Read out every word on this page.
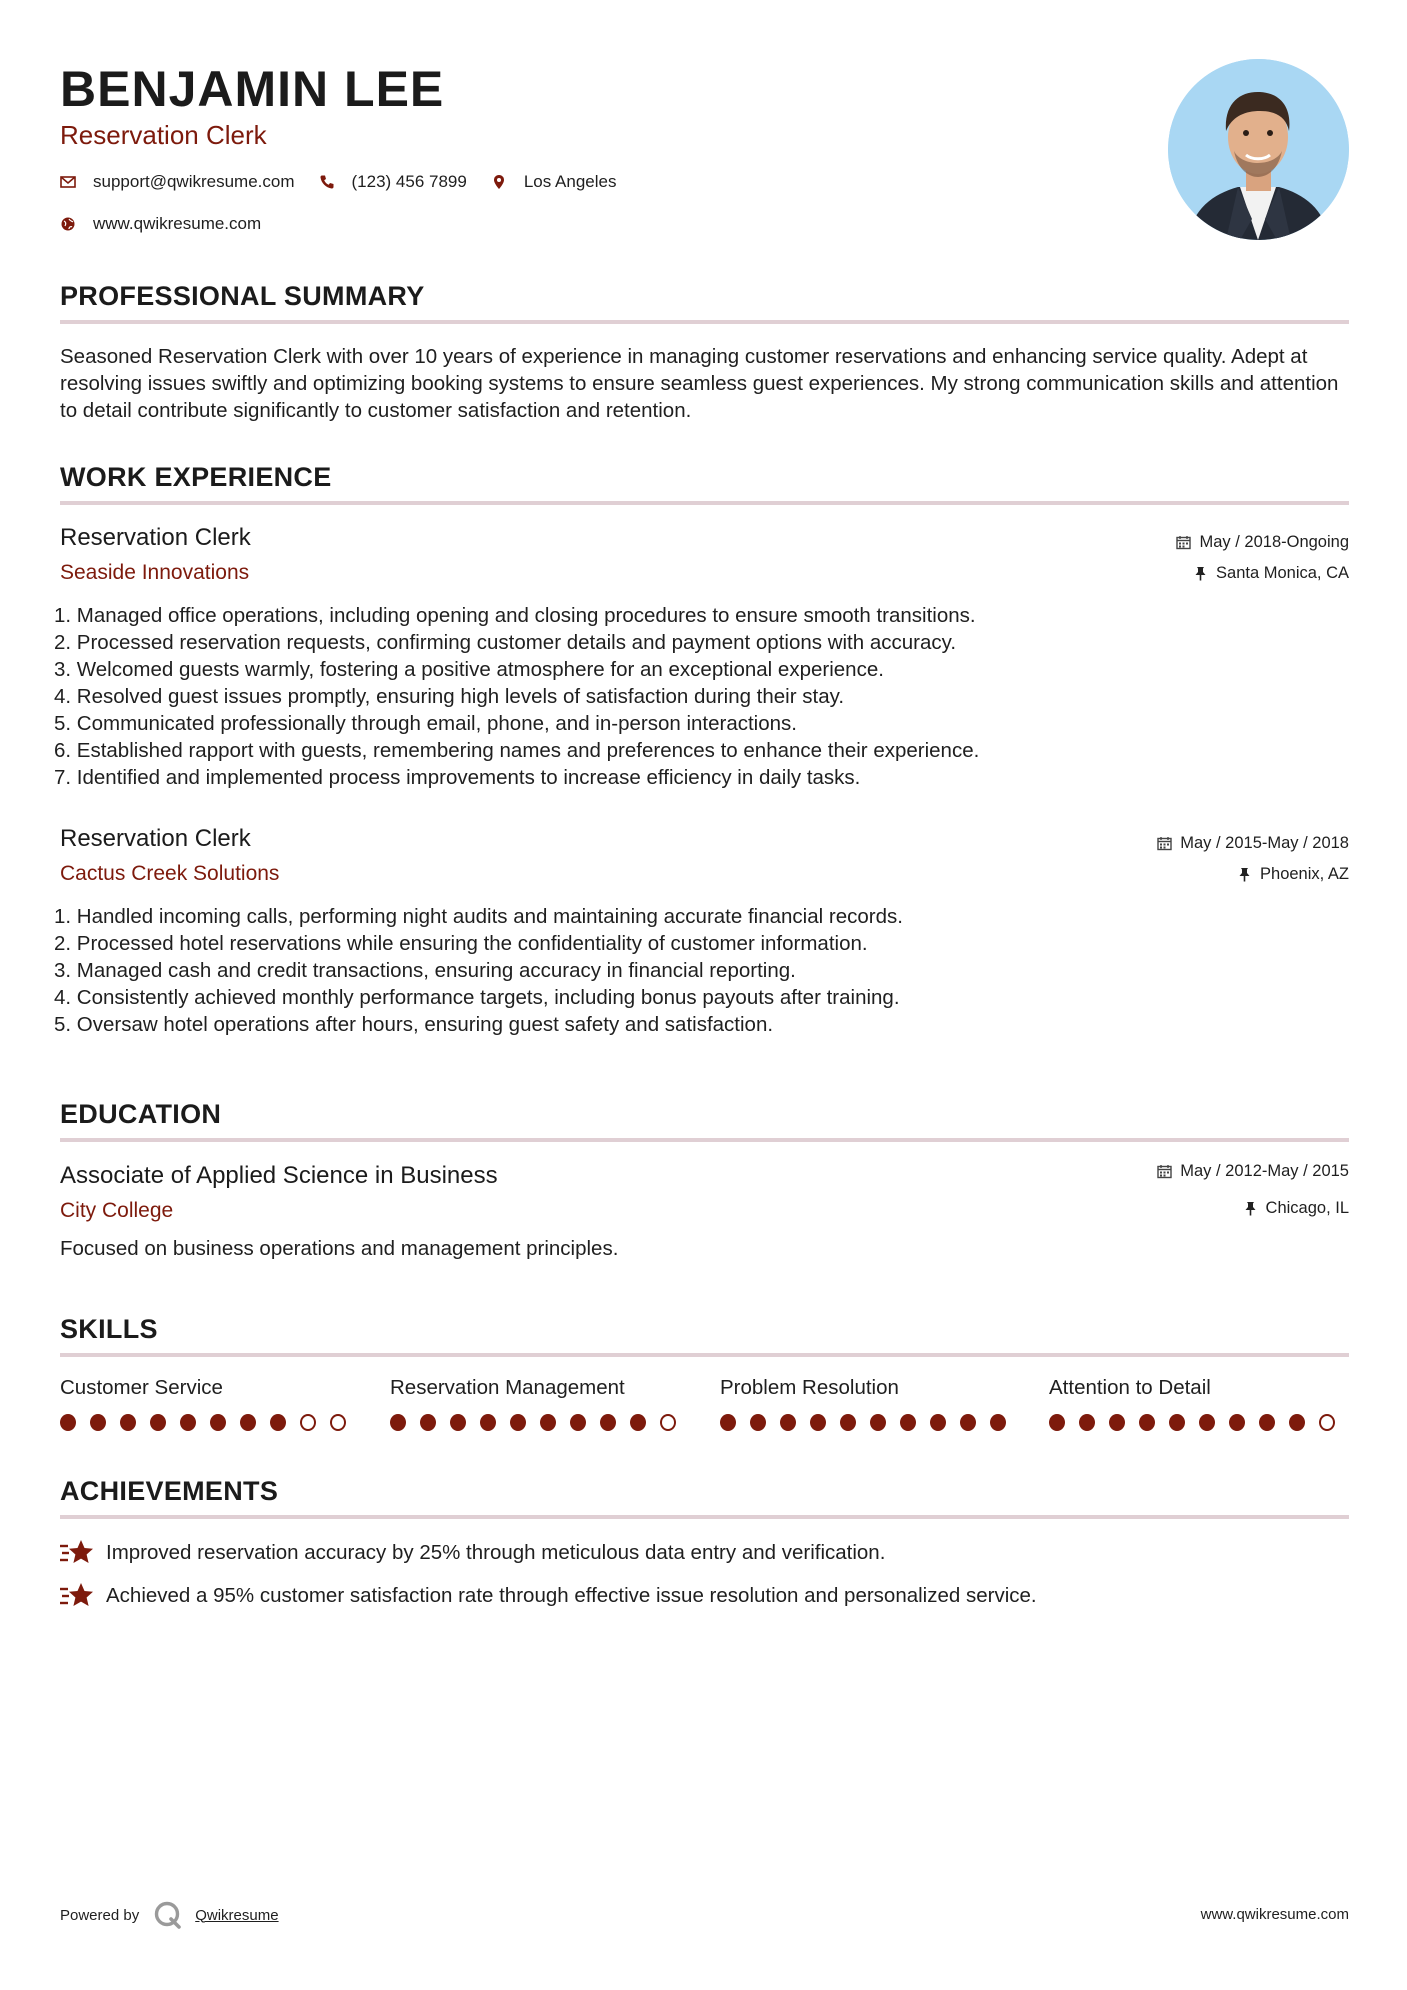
BENJAMIN LEE
Reservation Clerk
support@qwikresume.com	(123) 456 7899	Los Angeles
www.qwikresume.com
PROFESSIONAL SUMMARY
Seasoned Reservation Clerk with over 10 years of experience in managing customer reservations and enhancing service quality. Adept at resolving issues swiftly and optimizing booking systems to ensure seamless guest experiences. My strong communication skills and attention to detail contribute significantly to customer satisfaction and retention.
WORK EXPERIENCE
Reservation Clerk
Seaside Innovations
May / 2018-Ongoing
Santa Monica, CA
1. Managed office operations, including opening and closing procedures to ensure smooth transitions.
2. Processed reservation requests, confirming customer details and payment options with accuracy.
3. Welcomed guests warmly, fostering a positive atmosphere for an exceptional experience.
4. Resolved guest issues promptly, ensuring high levels of satisfaction during their stay.
5. Communicated professionally through email, phone, and in-person interactions.
6. Established rapport with guests, remembering names and preferences to enhance their experience.
7. Identified and implemented process improvements to increase efficiency in daily tasks.
Reservation Clerk
Cactus Creek Solutions
May / 2015-May / 2018
Phoenix, AZ
1. Handled incoming calls, performing night audits and maintaining accurate financial records.
2. Processed hotel reservations while ensuring the confidentiality of customer information.
3. Managed cash and credit transactions, ensuring accuracy in financial reporting.
4. Consistently achieved monthly performance targets, including bonus payouts after training.
5. Oversaw hotel operations after hours, ensuring guest safety and satisfaction.
EDUCATION
Associate of Applied Science in Business
City College
May / 2012-May / 2015
Chicago, IL
Focused on business operations and management principles.
SKILLS
Customer Service	Reservation Management	Problem Resolution	Attention to Detail
ACHIEVEMENTS
Improved reservation accuracy by 25% through meticulous data entry and verification.
Achieved a 95% customer satisfaction rate through effective issue resolution and personalized service.
Powered by	Qwikresume	www.qwikresume.com
